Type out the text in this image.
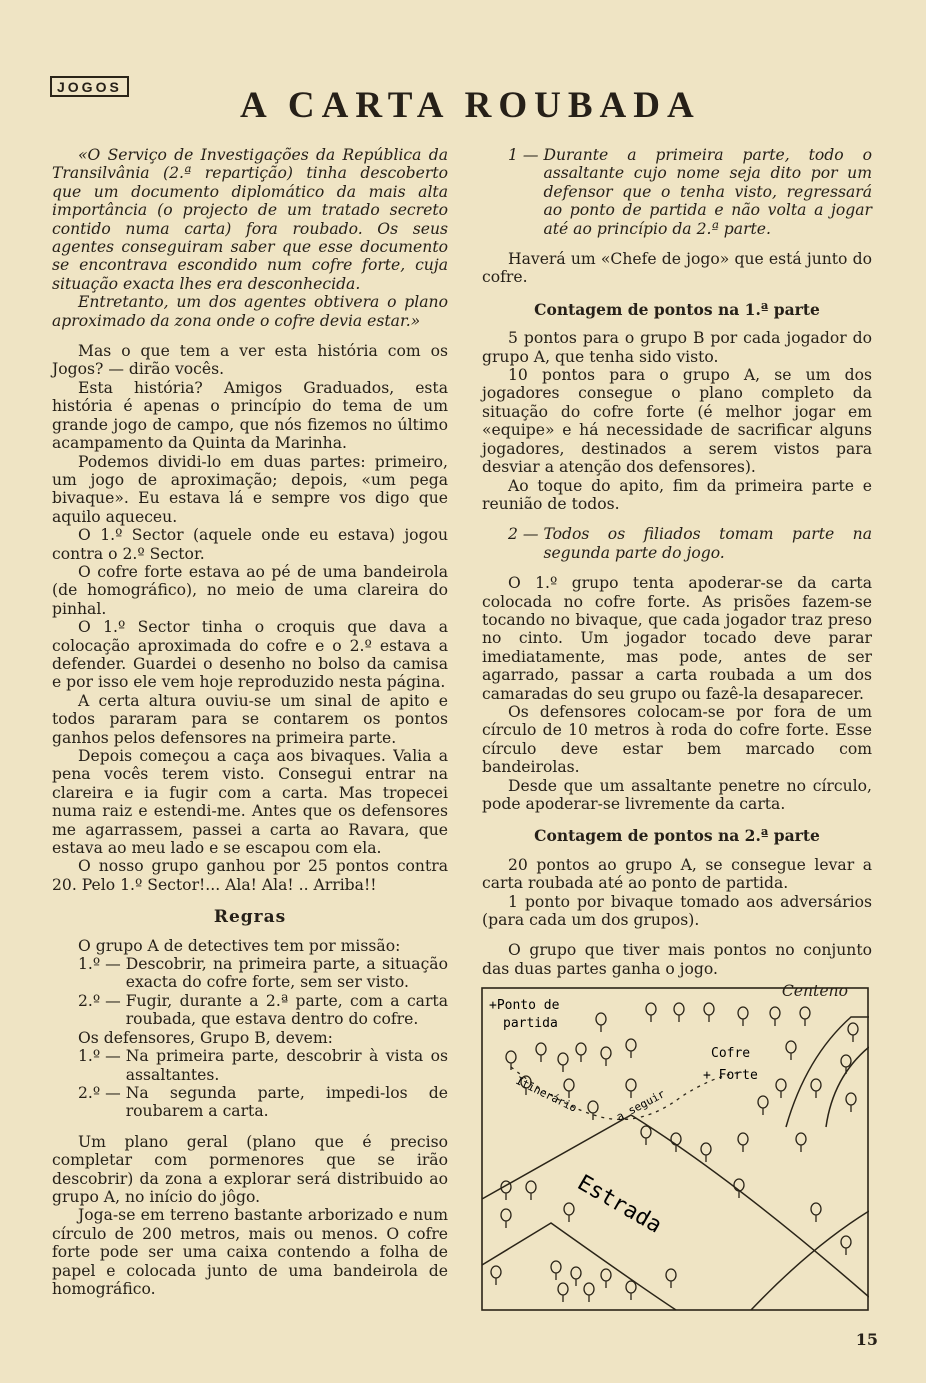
JOGOS	A CARTA ROUBADA

«O Serviço de Investigações da República da Transilvânia (2.ª repartição) tinha descoberto que um documento diplomático da mais alta importância (o projecto de um tratado secreto contido numa carta) fora roubado. Os seus agentes conseguiram saber que esse documento se encontrava escondido num cofre forte, cuja situação exacta lhes era desconhecida.

Entretanto, um dos agentes obtivera o plano aproximado da zona onde o cofre devia estar.»

Mas o que tem a ver esta história com os Jogos? — dirão vocês.

Esta história? Amigos Graduados, esta história é apenas o princípio do tema de um grande jogo de campo, que nós fizemos no último acampamento da Quinta da Marinha.

Podemos dividi-lo em duas partes: primeiro, um jogo de aproximação; depois, «um pega bivaque». Eu estava lá e sempre vos digo que aquilo aqueceu.

O 1.º Sector (aquele onde eu estava) jogou contra o 2.º Sector.

O cofre forte estava ao pé de uma bandeirola (de homográfico), no meio de uma clareira do pinhal.

O 1.º Sector tinha o croquis que dava a colocação aproximada do cofre e o 2.º estava a defender. Guardei o desenho no bolso da camisa e por isso ele vem hoje reproduzido nesta página.

A certa altura ouviu-se um sinal de apito e todos pararam para se contarem os pontos ganhos pelos defensores na primeira parte.

Depois começou a caça aos bivaques. Valia a pena vocês terem visto. Consegui entrar na clareira e ia fugir com a carta. Mas tropecei numa raiz e estendi-me. Antes que os defensores me agarrassem, passei a carta ao Ravara, que estava ao meu lado e se escapou com ela.

O nosso grupo ganhou por 25 pontos contra 20. Pelo 1.º Sector!... Ala! Ala! .. Arriba!!

Regras

O grupo A de detectives tem por missão:

1.º — Descobrir, na primeira parte, a situação exacta do cofre forte, sem ser visto.
2.º — Fugir, durante a 2.ª parte, com a carta roubada, que estava dentro do cofre.

Os defensores, Grupo B, devem:

1.º — Na primeira parte, descobrir à vista os assaltantes.
2.º — Na segunda parte, impedi-los de roubarem a carta.

Um plano geral (plano que é preciso completar com pormenores que se irão descobrir) da zona a explorar será distribuido ao grupo A, no início do jôgo.

Joga-se em terreno bastante arborizado e num círculo de 200 metros, mais ou menos. O cofre forte pode ser uma caixa contendo a folha de papel e colocada junto de uma bandeirola de homográfico.

1 — Durante a primeira parte, todo o assaltante cujo nome seja dito por um defensor que o tenha visto, regressará ao ponto de partida e não volta a jogar até ao princípio da 2.ª parte.

Haverá um «Chefe de jogo» que está junto do cofre.

Contagem de pontos na 1.ª parte

5 pontos para o grupo B por cada jogador do grupo A, que tenha sido visto.

10 pontos para o grupo A, se um dos jogadores consegue o plano completo da situação do cofre forte (é melhor jogar em «equipe» e há necessidade de sacrificar alguns jogadores, destinados a serem vistos para desviar a atenção dos defensores).

Ao toque do apito, fim da primeira parte e reunião de todos.

2 — Todos os filiados tomam parte na segunda parte do jogo.

O 1.º grupo tenta apoderar-se da carta colocada no cofre forte. As prisões fazem-se tocando no bivaque, que cada jogador traz preso no cinto. Um jogador tocado deve parar imediatamente, mas pode, antes de ser agarrado, passar a carta roubada a um dos camaradas do seu grupo ou fazê-la desaparecer.

Os defensores colocam-se por fora de um círculo de 10 metros à roda do cofre forte. Esse círculo deve estar bem marcado com bandeirolas.

Desde que um assaltante penetre no círculo, pode apoderar-se livremente da carta.

Contagem de pontos na 2.ª parte

20 pontos ao grupo A, se consegue levar a carta roubada até ao ponto de partida.

1 ponto por bivaque tomado aos adversários (para cada um dos grupos).

O grupo que tiver mais pontos no conjunto das duas partes ganha o jogo.

Centeno

+Ponto de
partida
Cofre
+ Forte
Itinerário	a seguir
Estrada
15
